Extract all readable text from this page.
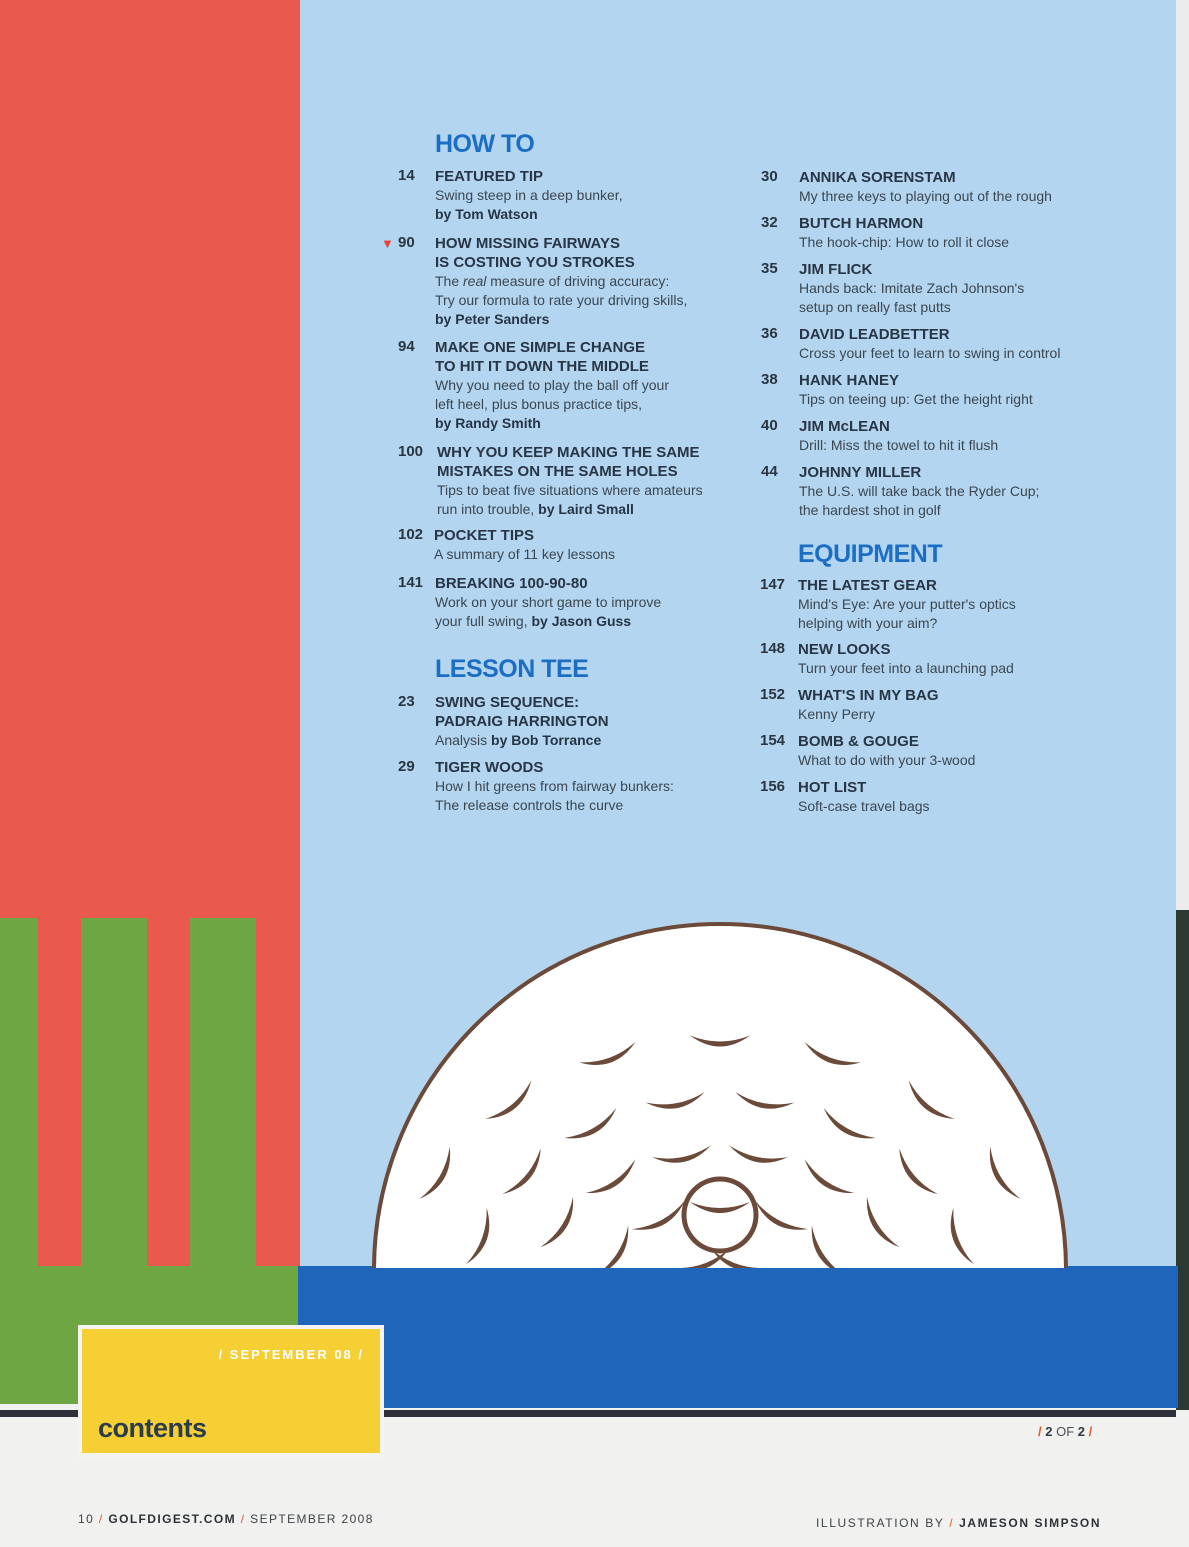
/ SEPTEMBER 08 /
contents
HOW TO
14 FEATURED TIP
Swing steep in a deep bunker,
by Tom Watson
▼ 90 HOW MISSING FAIRWAYS
IS COSTING YOU STROKES
The real measure of driving accuracy:
Try our formula to rate your driving skills,
by Peter Sanders
94 MAKE ONE SIMPLE CHANGE
TO HIT IT DOWN THE MIDDLE
Why you need to play the ball off your
left heel, plus bonus practice tips,
by Randy Smith
100 WHY YOU KEEP MAKING THE SAME
MISTAKES ON THE SAME HOLES
Tips to beat five situations where amateurs
run into trouble, by Laird Small
102 POCKET TIPS
A summary of 11 key lessons
141 BREAKING 100-90-80
Work on your short game to improve
your full swing, by Jason Guss
LESSON TEE
23 SWING SEQUENCE:
PADRAIG HARRINGTON
Analysis by Bob Torrance
29 TIGER WOODS
How I hit greens from fairway bunkers:
The release controls the curve
30 ANNIKA SORENSTAM
My three keys to playing out of the rough
32 BUTCH HARMON
The hook-chip: How to roll it close
35 JIM FLICK
Hands back: Imitate Zach Johnson's
setup on really fast putts
36 DAVID LEADBETTER
Cross your feet to learn to swing in control
38 HANK HANEY
Tips on teeing up: Get the height right
40 JIM McLEAN
Drill: Miss the towel to hit it flush
44 JOHNNY MILLER
The U.S. will take back the Ryder Cup;
the hardest shot in golf
EQUIPMENT
147 THE LATEST GEAR
Mind's Eye: Are your putter's optics
helping with your aim?
148 NEW LOOKS
Turn your feet into a launching pad
152 WHAT'S IN MY BAG
Kenny Perry
154 BOMB & GOUGE
What to do with your 3-wood
156 HOT LIST
Soft-case travel bags
/ 2 OF 2 /
10 / GOLFDIGEST.COM / SEPTEMBER 2008	ILLUSTRATION BY / JAMESON SIMPSON
